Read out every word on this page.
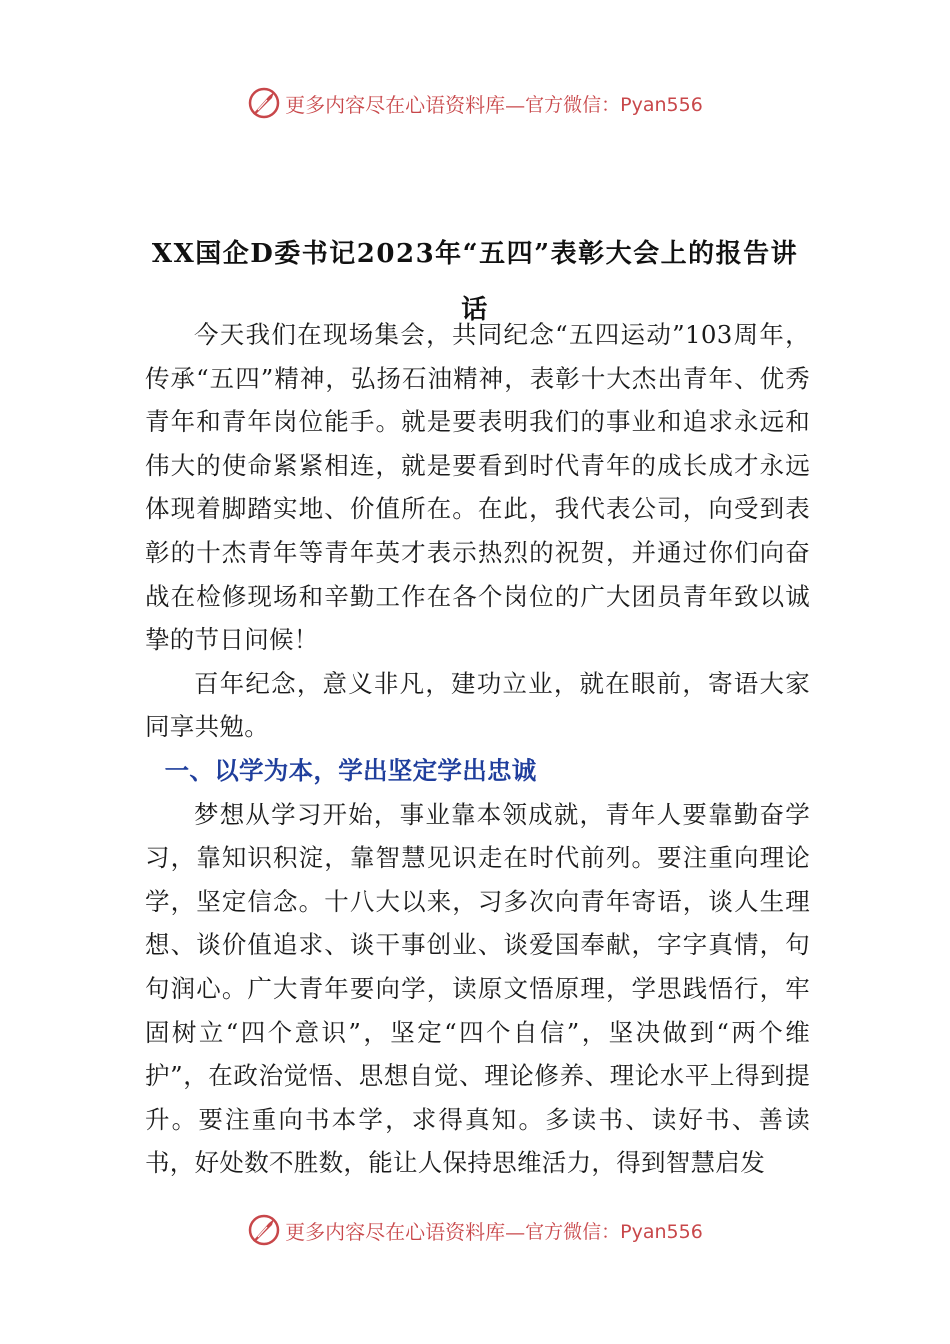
更多内容尽在心语资料库— 官方微信：Pyan556
XX国企D委书记2023年“五四”表彰大会上的报告讲话

今天我们在现场集会，共同纪念“五四运动”103周年，传承“五四”精神，弘扬石油精神，表彰十大杰出青年、优秀青年和青年岗位能手。就是要表明我们的事业和追求永远和伟大的使命紧紧相连，就是要看到时代青年的成长成才永远体现着脚踏实地、价值所在。在此，我代表公司，向受到表彰的十杰青年等青年英才表示热烈的祝贺，并通过你们向奋战在检修现场和辛勤工作在各个岗位的广大团员青年致以诚挚的节日问候！

百年纪念，意义非凡，建功立业，就在眼前，寄语大家同享共勉。

一、以学为本，学出坚定学出忠诚

梦想从学习开始，事业靠本领成就，青年人要靠勤奋学习，靠知识积淀，靠智慧见识走在时代前列。要注重向理论学，坚定信念。十八大以来，习多次向青年寄语，谈人生理想、谈价值追求、谈干事创业、谈爱国奉献，字字真情，句句润心。广大青年要向学，读原文悟原理，学思践悟行，牢固树立“四个意识”，坚定“四个自信”，坚决做到“两个维护”，在政治觉悟、思想自觉、理论修养、理论水平上得到提升。要注重向书本学，求得真知。多读书、读好书、善读书，好处数不胜数，能让人保持思维活力，得到智慧启发

更多内容尽在心语资料库— 官方微信：Pyan556
